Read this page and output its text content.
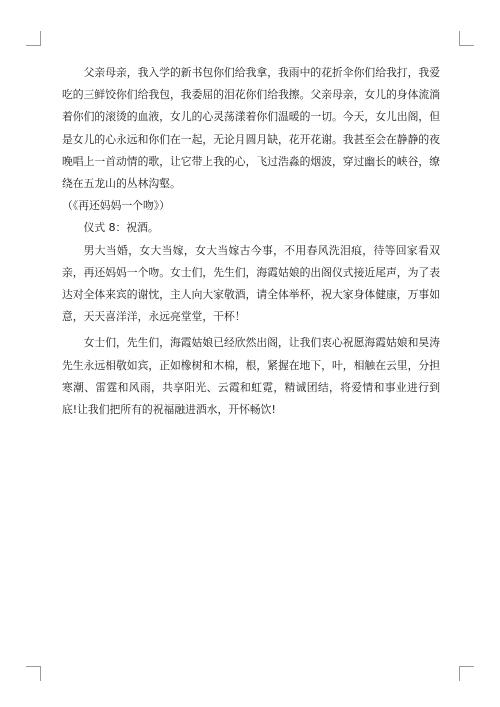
父亲母亲，我入学的新书包你们给我拿，我雨中的花折伞你们给我打，我爱吃的三鲜饺你们给我包，我委屈的泪花你们给我擦。父亲母亲，女儿的身体流淌着你们的滚烫的血液，女儿的心灵荡漾着你们温暖的一切。今天，女儿出阁，但是女儿的心永远和你们在一起，无论月圆月缺，花开花谢。我甚至会在静静的夜晚唱上一首动情的歌，让它带上我的心，飞过浩淼的烟波，穿过幽长的峡谷，缭绕在五龙山的丛林沟壑。

（《再还妈妈一个吻》）

仪式 8：祝酒。

男大当婚，女大当嫁，女大当嫁古今事，不用春风洗泪痕，待等回家看双亲，再还妈妈一个吻。女士们，先生们，海霞姑娘的出阁仪式接近尾声，为了表达对全体来宾的谢忱，主人向大家敬酒，请全体举杯，祝大家身体健康，万事如意，天天喜洋洋，永远亮堂堂，干杯！

女士们，先生们，海霞姑娘已经欣然出阁，让我们衷心祝愿海霞姑娘和昊涛先生永远相敬如宾，正如橡树和木棉，根，紧握在地下，叶，相触在云里，分担寒潮、雷霆和风雨，共享阳光、云霞和虹霓，精诚团结，将爱情和事业进行到底!让我们把所有的祝福融进酒水，开怀畅饮!
